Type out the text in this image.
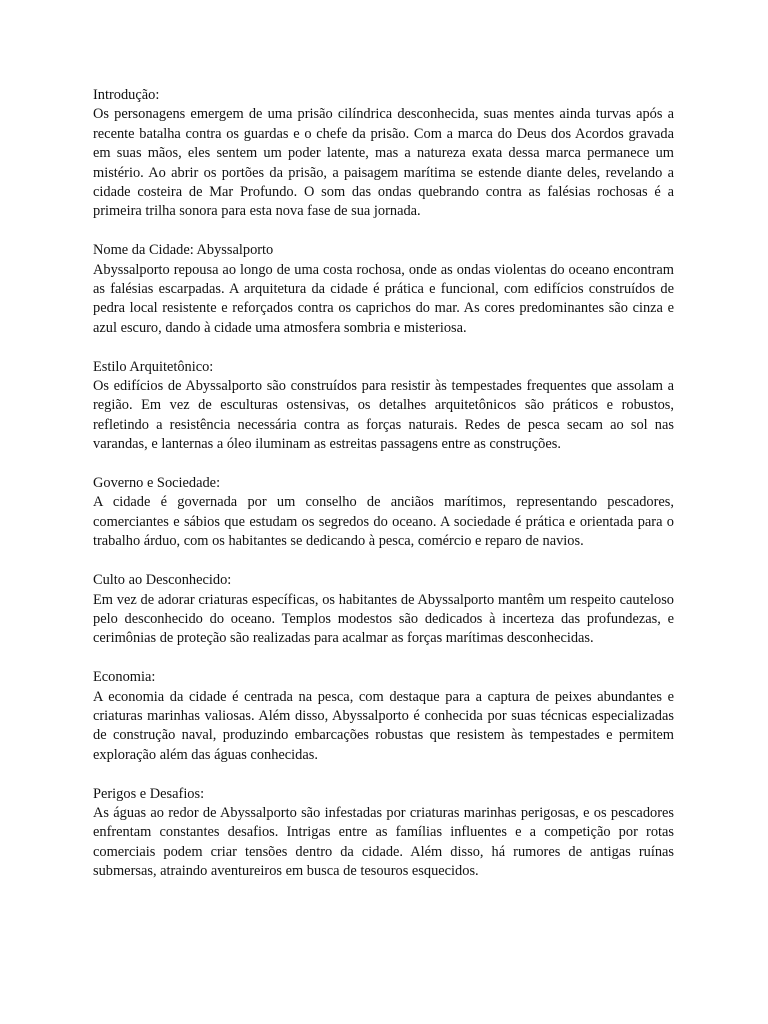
Introdução:

Os personagens emergem de uma prisão cilíndrica desconhecida, suas mentes ainda turvas após a recente batalha contra os guardas e o chefe da prisão. Com a marca do Deus dos Acordos gravada em suas mãos, eles sentem um poder latente, mas a natureza exata dessa marca permanece um mistério. Ao abrir os portões da prisão, a paisagem marítima se estende diante deles, revelando a cidade costeira de Mar Profundo. O som das ondas quebrando contra as falésias rochosas é a primeira trilha sonora para esta nova fase de sua jornada.

Nome da Cidade: Abyssalporto

Abyssalporto repousa ao longo de uma costa rochosa, onde as ondas violentas do oceano encontram as falésias escarpadas. A arquitetura da cidade é prática e funcional, com edifícios construídos de pedra local resistente e reforçados contra os caprichos do mar. As cores predominantes são cinza e azul escuro, dando à cidade uma atmosfera sombria e misteriosa.

Estilo Arquitetônico:

Os edifícios de Abyssalporto são construídos para resistir às tempestades frequentes que assolam a região. Em vez de esculturas ostensivas, os detalhes arquitetônicos são práticos e robustos, refletindo a resistência necessária contra as forças naturais. Redes de pesca secam ao sol nas varandas, e lanternas a óleo iluminam as estreitas passagens entre as construções.

Governo e Sociedade:

A cidade é governada por um conselho de anciãos marítimos, representando pescadores, comerciantes e sábios que estudam os segredos do oceano. A sociedade é prática e orientada para o trabalho árduo, com os habitantes se dedicando à pesca, comércio e reparo de navios.

Culto ao Desconhecido:

Em vez de adorar criaturas específicas, os habitantes de Abyssalporto mantêm um respeito cauteloso pelo desconhecido do oceano. Templos modestos são dedicados à incerteza das profundezas, e cerimônias de proteção são realizadas para acalmar as forças marítimas desconhecidas.

Economia:

A economia da cidade é centrada na pesca, com destaque para a captura de peixes abundantes e criaturas marinhas valiosas. Além disso, Abyssalporto é conhecida por suas técnicas especializadas de construção naval, produzindo embarcações robustas que resistem às tempestades e permitem exploração além das águas conhecidas.

Perigos e Desafios:

As águas ao redor de Abyssalporto são infestadas por criaturas marinhas perigosas, e os pescadores enfrentam constantes desafios. Intrigas entre as famílias influentes e a competição por rotas comerciais podem criar tensões dentro da cidade. Além disso, há rumores de antigas ruínas submersas, atraindo aventureiros em busca de tesouros esquecidos.
